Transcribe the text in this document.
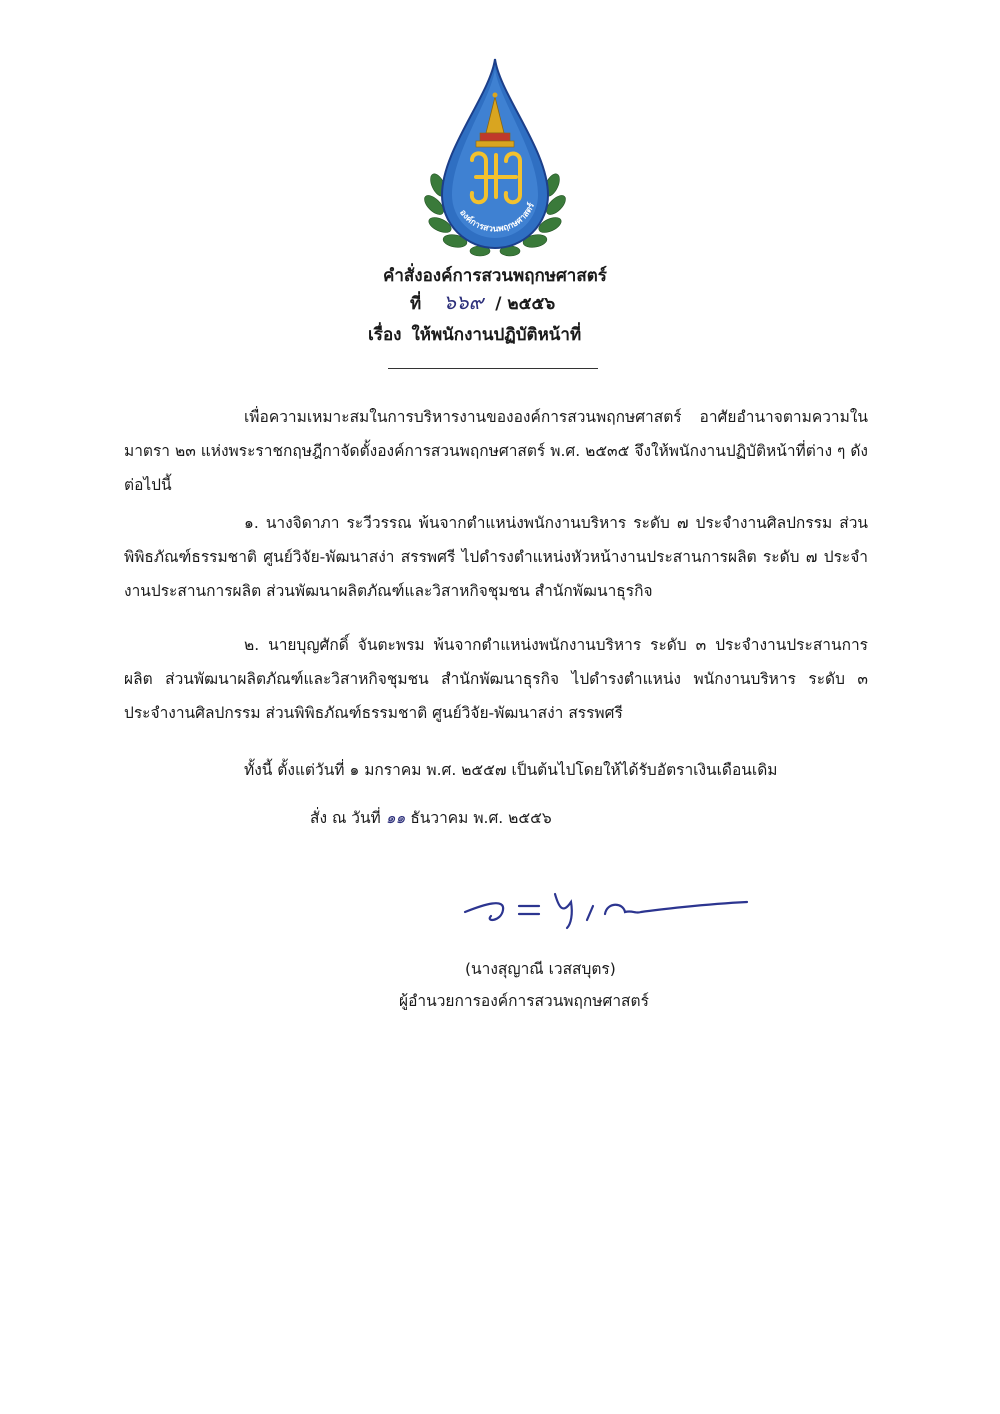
องค์การสวนพฤกษศาสตร์
คำสั่งองค์การสวนพฤกษศาสตร์
ที่ ๖๖๙ / ๒๕๕๖
เรื่อง ให้พนักงานปฏิบัติหน้าที่
เพื่อความเหมาะสมในการบริหารงานขององค์การสวนพฤกษศาสตร์ อาศัยอำนาจตามความในมาตรา ๒๓ แห่งพระราชกฤษฎีกาจัดตั้งองค์การสวนพฤกษศาสตร์ พ.ศ. ๒๕๓๕ จึงให้พนักงานปฏิบัติหน้าที่ต่าง ๆ ดังต่อไปนี้
๑. นางจิดาภา ระวีวรรณ พ้นจากตำแหน่งพนักงานบริหาร ระดับ ๗ ประจำงานศิลปกรรม ส่วนพิพิธภัณฑ์ธรรมชาติ ศูนย์วิจัย-พัฒนาสง่า สรรพศรี ไปดำรงตำแหน่งหัวหน้างานประสานการผลิต ระดับ ๗ ประจำงานประสานการผลิต ส่วนพัฒนาผลิตภัณฑ์และวิสาหกิจชุมชน สำนักพัฒนาธุรกิจ
๒. นายบุญศักดิ์ จันตะพรม พ้นจากตำแหน่งพนักงานบริหาร ระดับ ๓ ประจำงานประสานการผลิต ส่วนพัฒนาผลิตภัณฑ์และวิสาหกิจชุมชน สำนักพัฒนาธุรกิจ ไปดำรงตำแหน่ง พนักงานบริหาร ระดับ ๓ ประจำงานศิลปกรรม ส่วนพิพิธภัณฑ์ธรรมชาติ ศูนย์วิจัย-พัฒนาสง่า สรรพศรี
ทั้งนี้ ตั้งแต่วันที่ ๑ มกราคม พ.ศ. ๒๕๕๗ เป็นต้นไปโดยให้ได้รับอัตราเงินเดือนเดิม
สั่ง ณ วันที่ ๑๑ ธันวาคม พ.ศ. ๒๕๕๖
(นางสุญาณี เวสสบุตร)
ผู้อำนวยการองค์การสวนพฤกษศาสตร์
